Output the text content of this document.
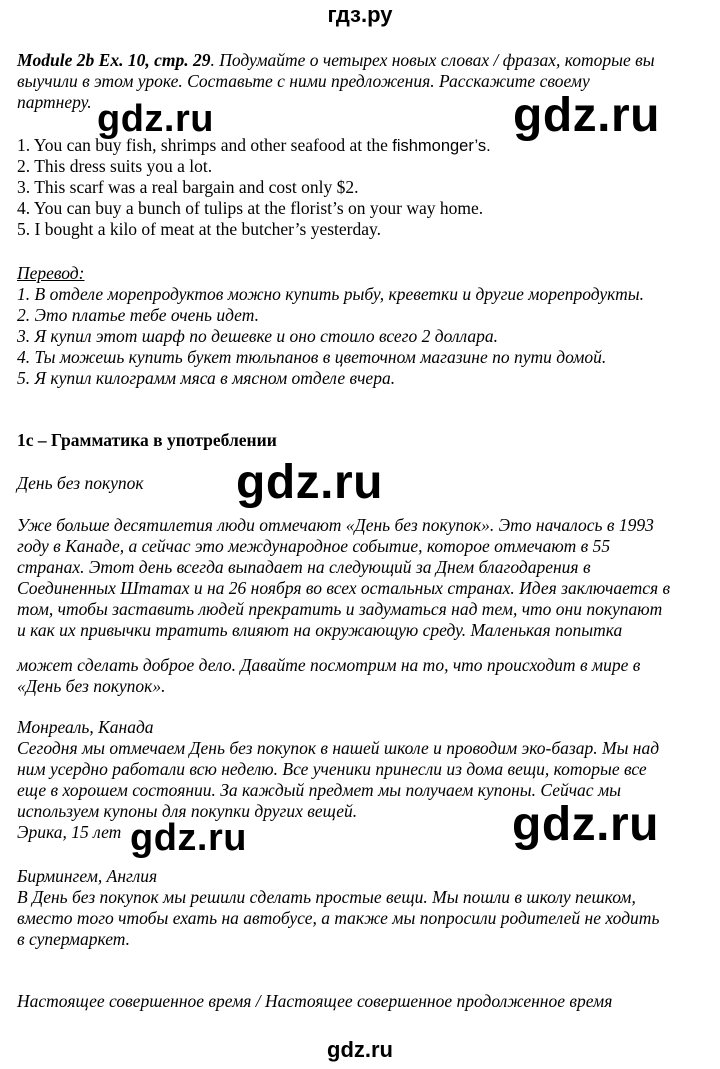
гдз.ру
Module 2b Ex. 10, стр. 29. Подумайте о четырех новых словах / фразах, которые вы
выучили в этом уроке. Составьте с ними предложения. Расскажите своему
партнеру.
1. You can buy fish, shrimps and other seafood at the fishmonger’s.
2. This dress suits you a lot.
3. This scarf was a real bargain and cost only $2.
4. You can buy a bunch of tulips at the florist’s on your way home.
5. I bought a kilo of meat at the butcher’s yesterday.
Перевод:
1. В отделе морепродуктов можно купить рыбу, креветки и другие морепродукты.
2. Это платье тебе очень идет.
3. Я купил этот шарф по дешевке и оно стоило всего 2 доллара.
4. Ты можешь купить букет тюльпанов в цветочном магазине по пути домой.
5. Я купил килограмм мяса в мясном отделе вчера.
1с – Грамматика в употреблении
День без покупок
Уже больше десятилетия люди отмечают «День без покупок». Это началось в 1993
году в Канаде, а сейчас это международное событие, которое отмечают в 55
странах. Этот день всегда выпадает на следующий за Днем благодарения в
Соединенных Штатах и на 26 ноября во всех остальных странах. Идея заключается в
том, чтобы заставить людей прекратить и задуматься над тем, что они покупают
и как их привычки тратить влияют на окружающую среду. Маленькая попытка
может сделать доброе дело. Давайте посмотрим на то, что происходит в мире в
«День без покупок».
Монреаль, Канада
Сегодня мы отмечаем День без покупок в нашей школе и проводим эко-базар. Мы над
ним усердно работали всю неделю. Все ученики принесли из дома вещи, которые все
еще в хорошем состоянии. За каждый предмет мы получаем купоны. Сейчас мы
используем купоны для покупки других вещей.
Эрика, 15 лет
Бирмингем, Англия
В День без покупок мы решили сделать простые вещи. Мы пошли в школу пешком,
вместо того чтобы ехать на автобусе, а также мы попросили родителей не ходить
в супермаркет.
Настоящее совершенное время / Настоящее совершенное продолженное время
gdz.ru	gdz.ru
gdz.ru
gdz.ru
gdz.ru
gdz.ru
